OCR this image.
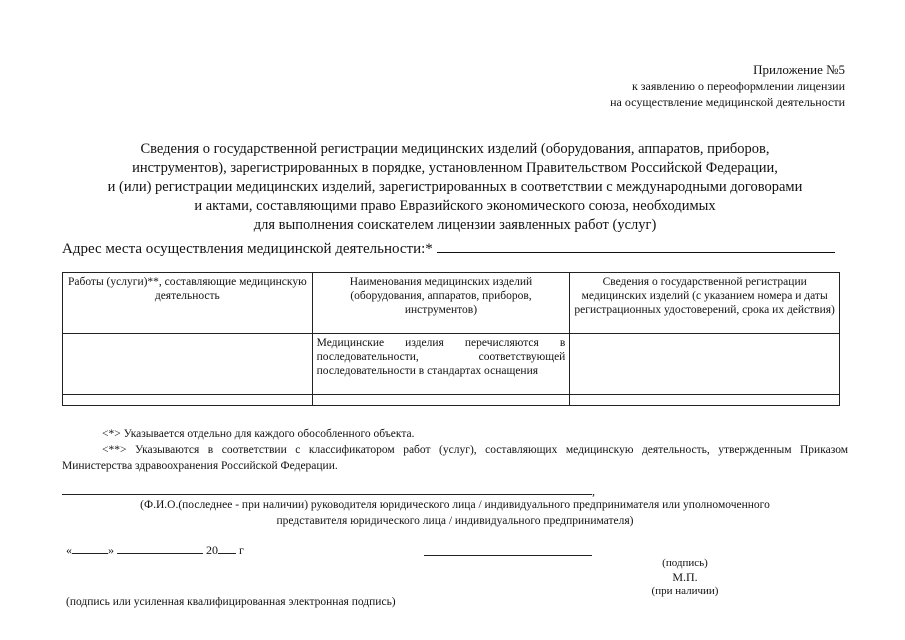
Приложение №5
к заявлению о переоформлении лицензии
на осуществление медицинской деятельности
Сведения о государственной регистрации медицинских изделий (оборудования, аппаратов, приборов,
инструментов), зарегистрированных в порядке, установленном Правительством Российской Федерации,
и (или) регистрации медицинских изделий, зарегистрированных в соответствии с международными договорами
и актами, составляющими право Евразийского экономического союза, необходимых
для выполнения соискателем лицензии заявленных работ (услуг)
Адрес места осуществления медицинской деятельности:*
Работы (услуги)**, составляющие медицинскую деятельность	Наименования медицинских изделий (оборудования, аппаратов, приборов, инструментов)	Сведения о государственной регистрации медицинских изделий (с указанием номера и даты регистрационных удостоверений, срока их действия)
	Медицинские изделия перечисляются в последовательности, соответствующей последовательности в стандартах оснащения	

<*> Указывается отдельно для каждого обособленного объекта.

<**> Указываются в соответствии с классификатором работ (услуг), составляющих медицинскую деятельность, утвержденным Приказом Министерства здравоохранения Российской Федерации.

,
(Ф.И.О.(последнее - при наличии) руководителя юридического лица / индивидуального предпринимателя или уполномоченного
представителя юридического лица / индивидуального предпринимателя)
«	»	20 г
(подпись)
М.П.
(при наличии)
(подпись или усиленная квалифицированная электронная подпись)
